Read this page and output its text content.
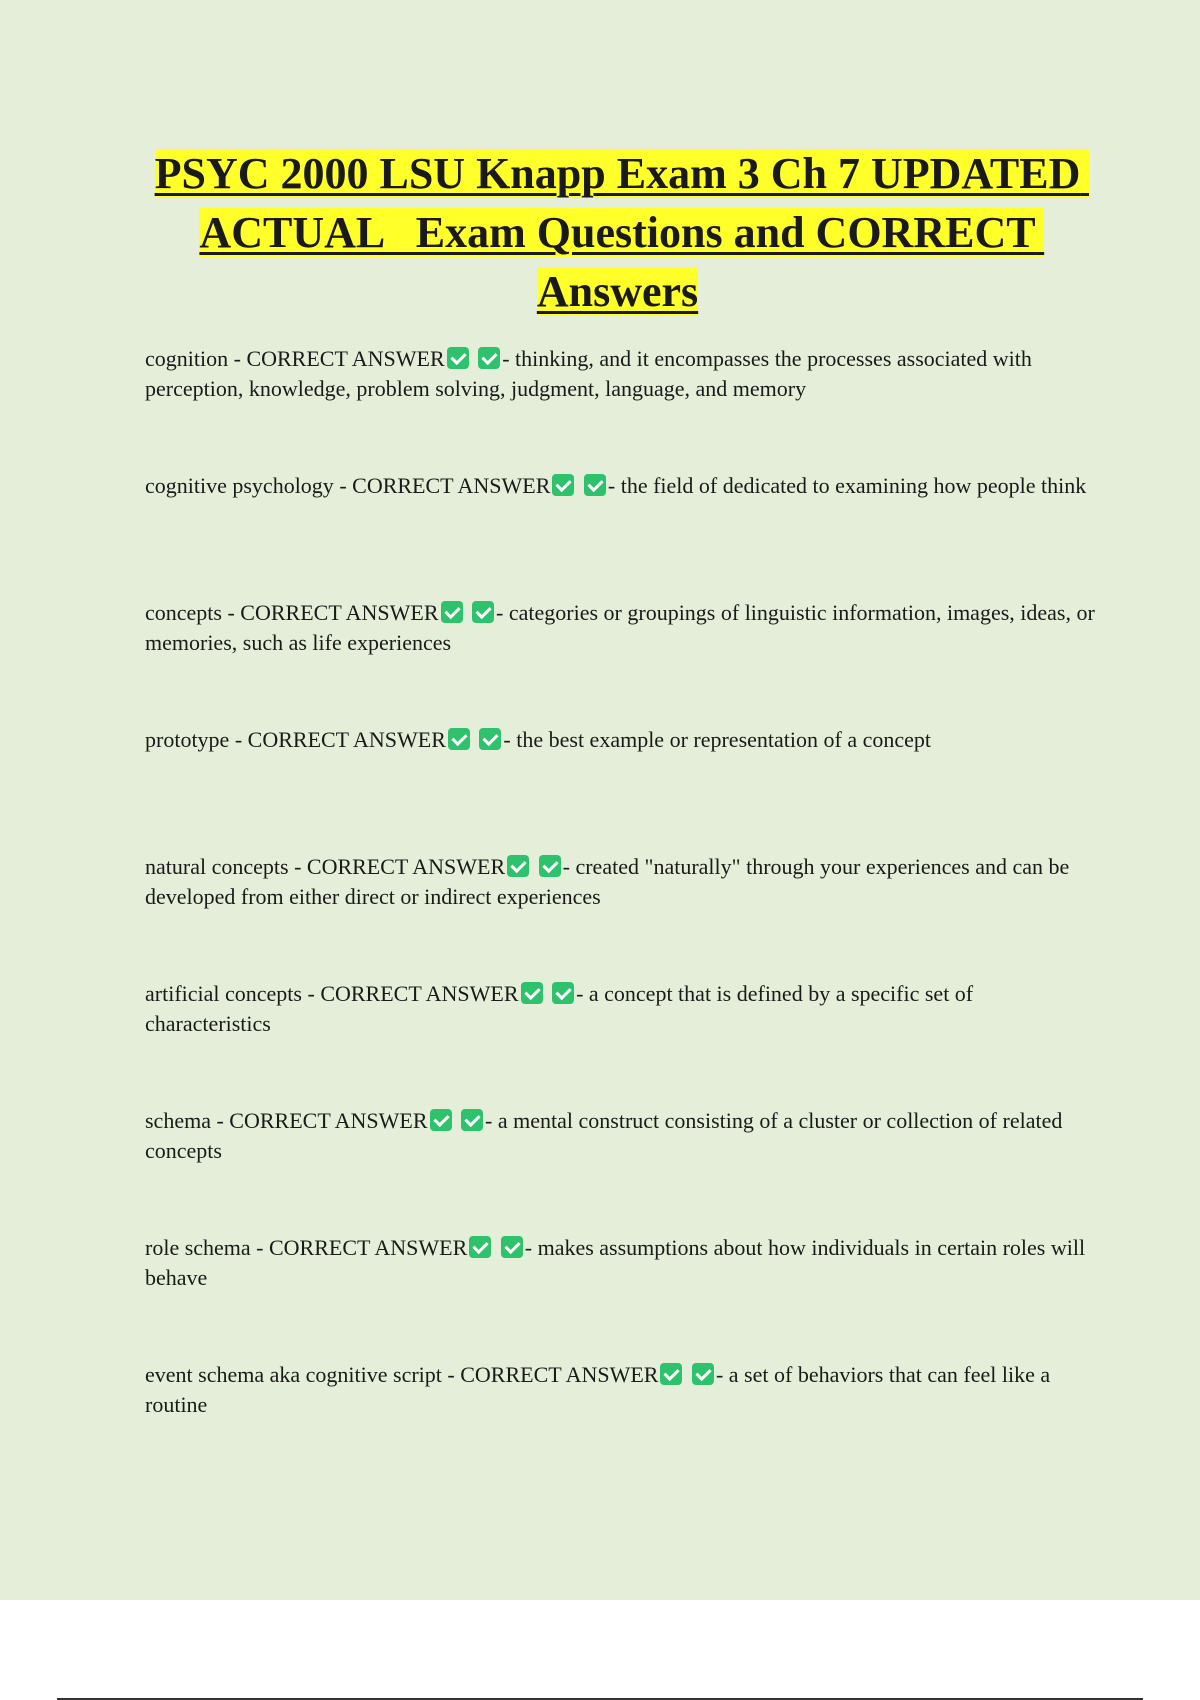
PSYC 2000 LSU Knapp Exam 3 Ch 7 UPDATED ACTUAL   Exam Questions and CORRECT Answers
cognition - CORRECT ANSWER	- thinking, and it encompasses the processes associated with perception, knowledge, problem solving, judgment, language, and memory
cognitive psychology - CORRECT ANSWER	- the field of dedicated to examining how people think
concepts - CORRECT ANSWER	- categories or groupings of linguistic information, images, ideas, or memories, such as life experiences
prototype - CORRECT ANSWER	- the best example or representation of a concept
natural concepts - CORRECT ANSWER	- created "naturally" through your experiences and can be developed from either direct or indirect experiences
artificial concepts - CORRECT ANSWER	- a concept that is defined by a specific set of characteristics
schema - CORRECT ANSWER	- a mental construct consisting of a cluster or collection of related concepts
role schema - CORRECT ANSWER	- makes assumptions about how individuals in certain roles will behave
event schema aka cognitive script - CORRECT ANSWER	- a set of behaviors that can feel like a routine
